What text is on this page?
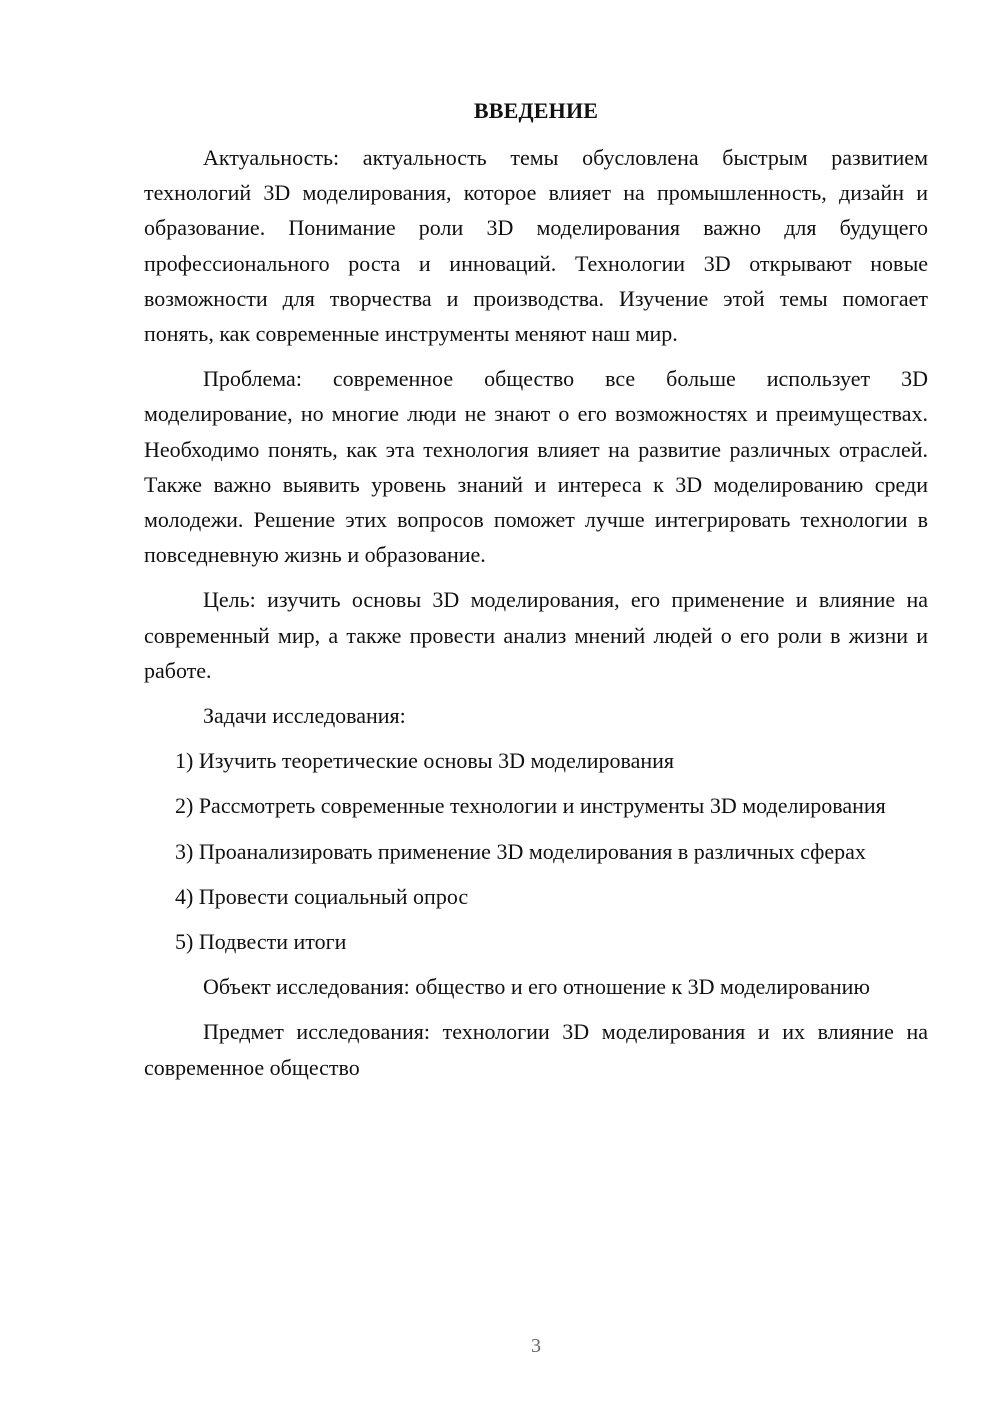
ВВЕДЕНИЕ

Актуальность: актуальность темы обусловлена быстрым развитием технологий 3D моделирования, которое влияет на промышленность, дизайн и образование. Понимание роли 3D моделирования важно для будущего профессионального роста и инноваций. Технологии 3D открывают новые возможности для творчества и производства. Изучение этой темы помогает понять, как современные инструменты меняют наш мир.

Проблема: современное общество все больше использует 3D моделирование, но многие люди не знают о его возможностях и преимуществах. Необходимо понять, как эта технология влияет на развитие различных отраслей. Также важно выявить уровень знаний и интереса к 3D моделированию среди молодежи. Решение этих вопросов поможет лучше интегрировать технологии в повседневную жизнь и образование.

Цель: изучить основы 3D моделирования, его применение и влияние на современный мир, а также провести анализ мнений людей о его роли в жизни и работе.

Задачи исследования:

1) Изучить теоретические основы 3D моделирования

2) Рассмотреть современные технологии и инструменты 3D моделирования

3) Проанализировать применение 3D моделирования в различных сферах

4) Провести социальный опрос

5) Подвести итоги

Объект исследования: общество и его отношение к 3D моделированию

Предмет исследования: технологии 3D моделирования и их влияние на современное общество

3
